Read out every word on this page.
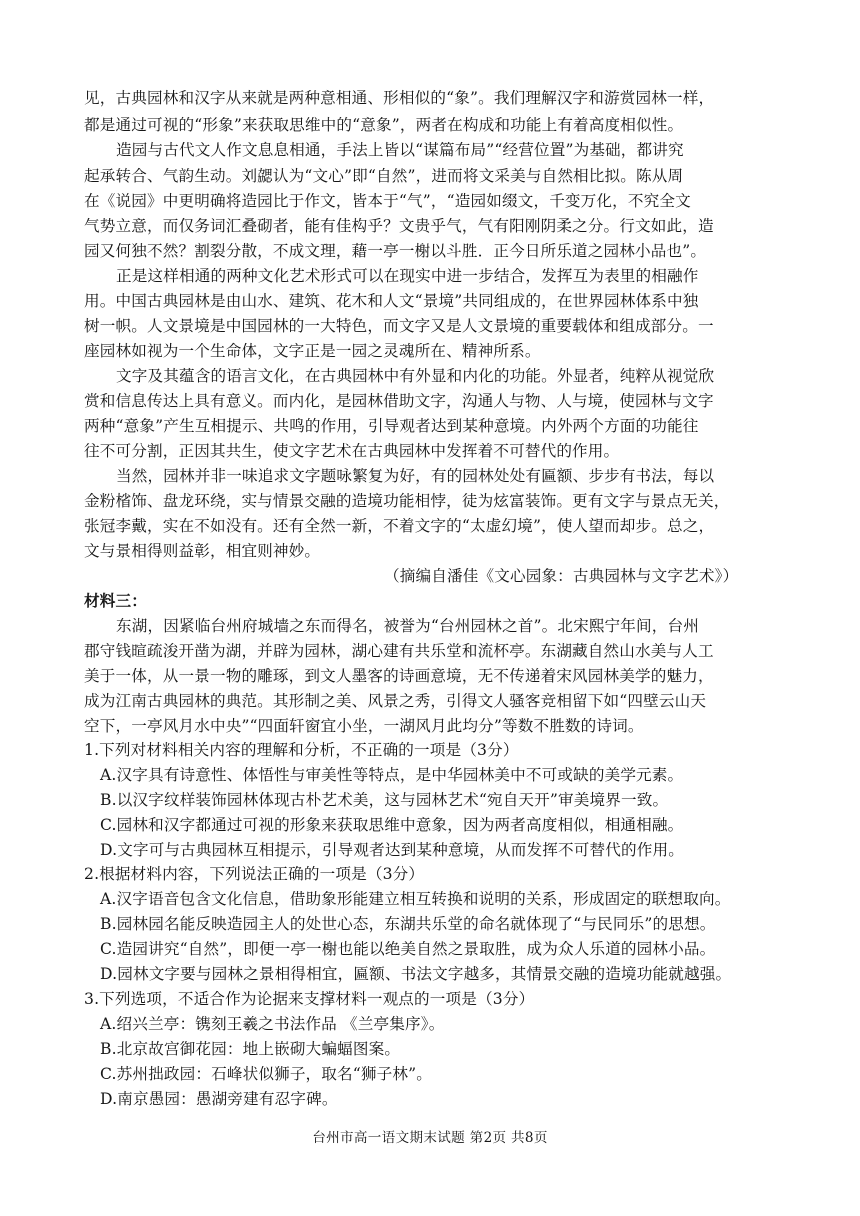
见，古典园林和汉字从来就是两种意相通、形相似的“象”。我们理解汉字和游赏园林一样，
都是通过可视的“形象”来获取思维中的“意象”，两者在构成和功能上有着高度相似性。
造园与古代文人作文息息相通，手法上皆以“谋篇布局”“经营位置”为基础，都讲究
起承转合、气韵生动。刘勰认为“文心”即“自然”，进而将文采美与自然相比拟。陈从周
在《说园》中更明确将造园比于作文，皆本于“气”，“造园如缀文，千变万化，不究全文
气势立意，而仅务词汇叠砌者，能有佳构乎？文贵乎气，气有阳刚阴柔之分。行文如此，造
园又何独不然？割裂分散，不成文理，藉一亭一榭以斗胜．正今日所乐道之园林小品也”。
正是这样相通的两种文化艺术形式可以在现实中进一步结合，发挥互为表里的相融作
用。中国古典园林是由山水、建筑、花木和人文“景境”共同组成的，在世界园林体系中独
树一帜。人文景境是中国园林的一大特色，而文字又是人文景境的重要载体和组成部分。一
座园林如视为一个生命体，文字正是一园之灵魂所在、精神所系。
文字及其蕴含的语言文化，在古典园林中有外显和内化的功能。外显者，纯粹从视觉欣
赏和信息传达上具有意义。而内化，是园林借助文字，沟通人与物、人与境，使园林与文字
两种“意象”产生互相提示、共鸣的作用，引导观者达到某种意境。内外两个方面的功能往
往不可分割，正因其共生，使文字艺术在古典园林中发挥着不可替代的作用。
当然，园林并非一味追求文字题咏繁复为好，有的园林处处有匾额、步步有书法，每以
金粉㮐饰、盘龙环绕，实与情景交融的造境功能相悖，徒为炫富装饰。更有文字与景点无关，
张冠李戴，实在不如没有。还有全然一新，不着文字的“太虚幻境”，使人望而却步。总之，
文与景相得则益彰，相宜则神妙。
（摘编自潘佳《文心园象：古典园林与文字艺术》）
材料三：
东湖，因紧临台州府城墙之东而得名，被誉为“台州园林之首”。北宋熙宁年间，台州
郡守钱暄疏浚开凿为湖，并辟为园林，湖心建有共乐堂和流杯亭。东湖藏自然山水美与人工
美于一体，从一景一物的雕琢，到文人墨客的诗画意境，无不传递着宋风园林美学的魅力，
成为江南古典园林的典范。其形制之美、风景之秀，引得文人骚客竞相留下如“四壁云山天
空下，一亭风月水中央”“四面轩窗宜小坐，一湖风月此均分”等数不胜数的诗词。
1.下列对材料相关内容的理解和分析，不正确的一项是（3分）
A.汉字具有诗意性、体悟性与审美性等特点，是中华园林美中不可或缺的美学元素。
B.以汉字纹样装饰园林体现古朴艺术美，这与园林艺术“宛自天开”审美境界一致。
C.园林和汉字都通过可视的形象来获取思维中意象，因为两者高度相似，相通相融。
D.文字可与古典园林互相提示，引导观者达到某种意境，从而发挥不可替代的作用。
2.根据材料内容，下列说法正确的一项是（3分）
A.汉字语音包含文化信息，借助象形能建立相互转换和说明的关系，形成固定的联想取向。
B.园林园名能反映造园主人的处世心态，东湖共乐堂的命名就体现了“与民同乐”的思想。
C.造园讲究“自然”，即便一亭一榭也能以绝美自然之景取胜，成为众人乐道的园林小品。
D.园林文字要与园林之景相得相宜，匾额、书法文字越多，其情景交融的造境功能就越强。
3.下列选项，不适合作为论据来支撑材料一观点的一项是（3分）
A.绍兴兰亭：镌刻王羲之书法作品 《兰亭集序》。
B.北京故宫御花园：地上嵌砌大蝙蝠图案。
C.苏州拙政园：石峰状似狮子，取名“狮子林”。
D.南京愚园：愚湖旁建有忍字碑。
台州市高一语文期末试题 第2页 共8页
